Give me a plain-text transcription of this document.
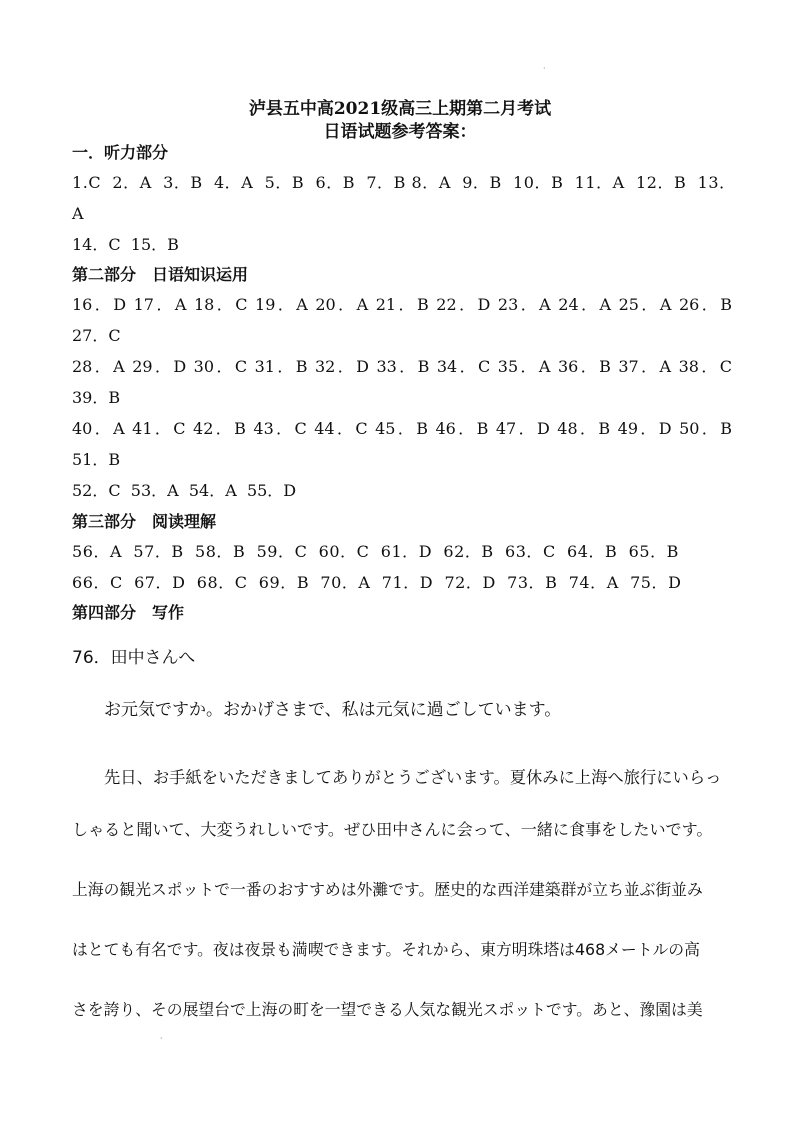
·
泸县五中高2021级高三上期第二月考试
日语试题参考答案：
一．听力部分
1.C  2．A  3．B  4．A  5．B  6．B  7．B 8．A  9．B  10．B  11．A  12．B  13．
A
14．C  15．B
第二部分　日语知识运用
16．D 17．A 18．C 19．A 20．A 21．B 22．D 23．A 24．A 25．A 26．B
27．C
28．A 29．D 30．C 31．B 32．D 33．B 34．C 35．A 36．B 37．A 38．C
39．B
40．A 41．C 42．B 43．C 44．C 45．B 46．B 47．D 48．B 49．D 50．B
51．B
52．C  53．A  54．A  55．D
第三部分　阅读理解
56．A  57．B  58．B  59．C  60．C  61．D  62．B  63．C  64．B  65．B
66．C  67．D  68．C  69．B  70．A  71．D  72．D  73．B  74．A  75．D
第四部分　写作
76．田中さんへ
お元気ですか。おかげさまで、私は元気に過ごしています。
先日、お手紙をいただきましてありがとうございます。夏休みに上海へ旅行にいらっ
しゃると聞いて、大変うれしいです。ぜひ田中さんに会って、一緒に食事をしたいです。
上海の観光スポットで一番のおすすめは外灘です。歴史的な西洋建築群が立ち並ぶ街並み
はとても有名です。夜は夜景も満喫できます。それから、東方明珠塔は468メートルの高
さを誇り、その展望台で上海の町を一望できる人気な観光スポットです。あと、豫園は美
·
